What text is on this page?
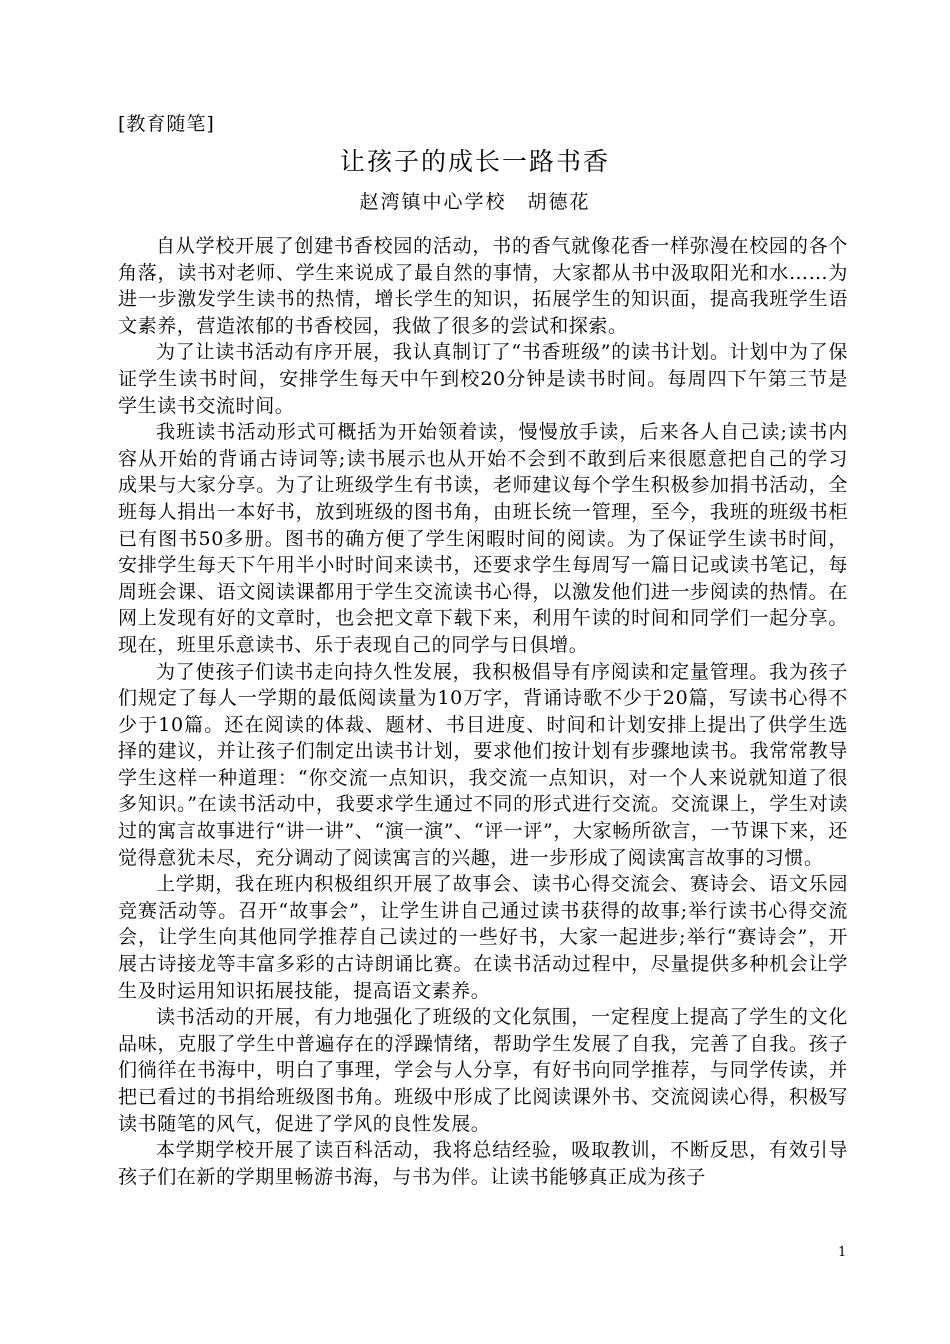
[教育随笔]
让孩子的成长一路书香
赵湾镇中心学校　胡德花

自从学校开展了创建书香校园的活动，书的香气就像花香一样弥漫在校园的各个角落，读书对老师、学生来说成了最自然的事情，大家都从书中汲取阳光和水……为进一步激发学生读书的热情，增长学生的知识，拓展学生的知识面，提高我班学生语文素养，营造浓郁的书香校园，我做了很多的尝试和探索。

为了让读书活动有序开展，我认真制订了“书香班级”的读书计划。计划中为了保证学生读书时间，安排学生每天中午到校20分钟是读书时间。每周四下午第三节是学生读书交流时间。

我班读书活动形式可概括为开始领着读，慢慢放手读，后来各人自己读;读书内容从开始的背诵古诗词等;读书展示也从开始不会到不敢到后来很愿意把自己的学习成果与大家分享。为了让班级学生有书读，老师建议每个学生积极参加捐书活动，全班每人捐出一本好书，放到班级的图书角，由班长统一管理，至今，我班的班级书柜已有图书50多册。图书的确方便了学生闲暇时间的阅读。为了保证学生读书时间，安排学生每天下午用半小时时间来读书，还要求学生每周写一篇日记或读书笔记，每周班会课、语文阅读课都用于学生交流读书心得，以激发他们进一步阅读的热情。在网上发现有好的文章时，也会把文章下载下来，利用午读的时间和同学们一起分享。现在，班里乐意读书、乐于表现自己的同学与日俱增。

为了使孩子们读书走向持久性发展，我积极倡导有序阅读和定量管理。我为孩子们规定了每人一学期的最低阅读量为10万字，背诵诗歌不少于20篇，写读书心得不少于10篇。还在阅读的体裁、题材、书目进度、时间和计划安排上提出了供学生选择的建议，并让孩子们制定出读书计划，要求他们按计划有步骤地读书。我常常教导学生这样一种道理：“你交流一点知识，我交流一点知识，对一个人来说就知道了很多知识。”在读书活动中，我要求学生通过不同的形式进行交流。交流课上，学生对读过的寓言故事进行“讲一讲”、“演一演”、“评一评”，大家畅所欲言，一节课下来，还觉得意犹未尽，充分调动了阅读寓言的兴趣，进一步形成了阅读寓言故事的习惯。

上学期，我在班内积极组织开展了故事会、读书心得交流会、赛诗会、语文乐园竞赛活动等。召开“故事会”，让学生讲自己通过读书获得的故事;举行读书心得交流会，让学生向其他同学推荐自己读过的一些好书，大家一起进步;举行“赛诗会”，开展古诗接龙等丰富多彩的古诗朗诵比赛。在读书活动过程中，尽量提供多种机会让学生及时运用知识拓展技能，提高语文素养。

读书活动的开展，有力地强化了班级的文化氛围，一定程度上提高了学生的文化品味，克服了学生中普遍存在的浮躁情绪，帮助学生发展了自我，完善了自我。孩子们徜徉在书海中，明白了事理，学会与人分享，有好书向同学推荐，与同学传读，并把已看过的书捐给班级图书角。班级中形成了比阅读课外书、交流阅读心得，积极写读书随笔的风气，促进了学风的良性发展。

本学期学校开展了读百科活动，我将总结经验，吸取教训，不断反思，有效引导孩子们在新的学期里畅游书海，与书为伴。让读书能够真正成为孩子

1
